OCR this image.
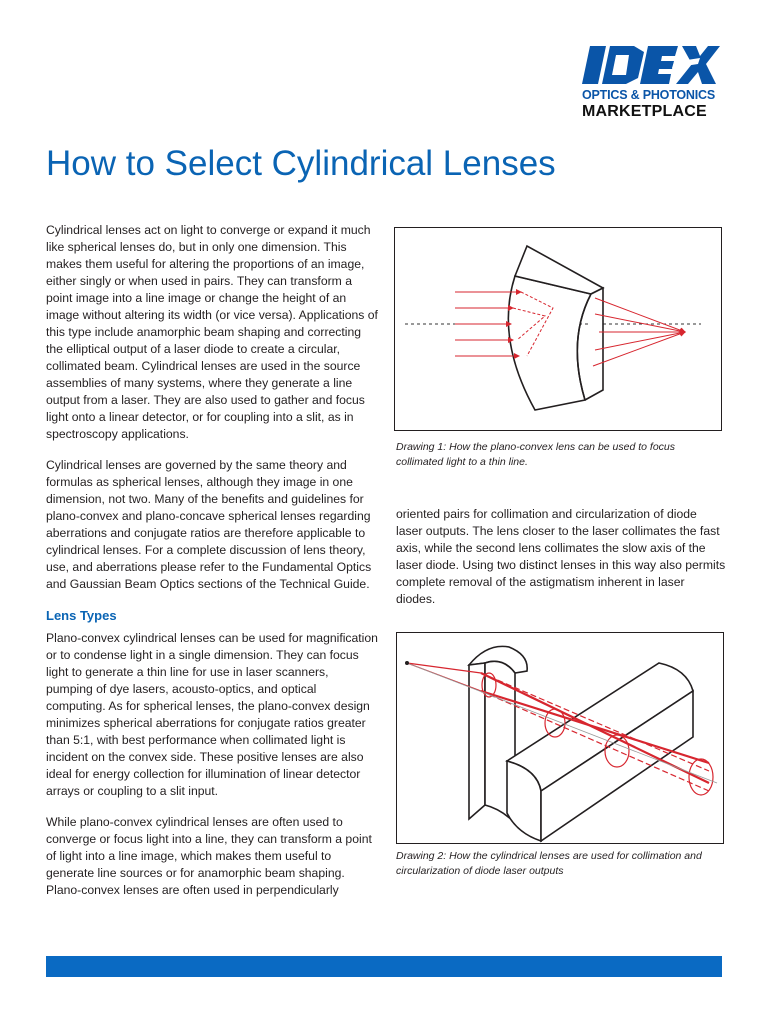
OPTICS & PHOTONICS
MARKETPLACE
How to Select Cylindrical Lenses

Cylindrical lenses act on light to converge or expand it much like spherical lenses do, but in only one dimension. This makes them useful for altering the proportions of an image, either singly or when used in pairs. They can transform a point image into a line image or change the height of an image without altering its width (or vice versa). Applications of this type include anamorphic beam shaping and correcting the elliptical output of a laser diode to create a circular, collimated beam. Cylindrical lenses are used in the source assemblies of many systems, where they generate a line output from a laser. They are also used to gather and focus light onto a linear detector, or for coupling into a slit, as in spectroscopy applications.

Cylindrical lenses are governed by the same theory and formulas as spherical lenses, although they image in one dimension, not two. Many of the benefits and guidelines for plano-convex and plano-concave spherical lenses regarding aberrations and conjugate ratios are therefore applicable to cylindrical lenses. For a complete discussion of lens theory, use, and aberrations please refer to the Fundamental Optics and Gaussian Beam Optics sections of the Technical Guide.

Lens Types

Plano-convex cylindrical lenses can be used for magnification or to condense light in a single dimension. They can focus light to generate a thin line for use in laser scanners, pumping of dye lasers, acousto-optics, and optical computing. As for spherical lenses, the plano-convex design minimizes spherical aberrations for conjugate ratios greater than 5:1, with best performance when collimated light is incident on the convex side. These positive lenses are also ideal for energy collection for illumination of linear detector arrays or coupling to a slit input.

While plano-convex cylindrical lenses are often used to converge or focus light into a line, they can transform a point of light into a line image, which makes them useful to generate line sources or for anamorphic beam shaping. Plano-convex lenses are often used in perpendicularly

Drawing 1: How the plano-convex lens can be used to focus collimated light to a thin line.

oriented pairs for collimation and circularization of diode laser outputs. The lens closer to the laser collimates the fast axis, while the second lens collimates the slow axis of the laser diode. Using two distinct lenses in this way also permits complete removal of the astigmatism inherent in laser diodes.

Drawing 2: How the cylindrical lenses are used for collimation and circularization of diode laser outputs
